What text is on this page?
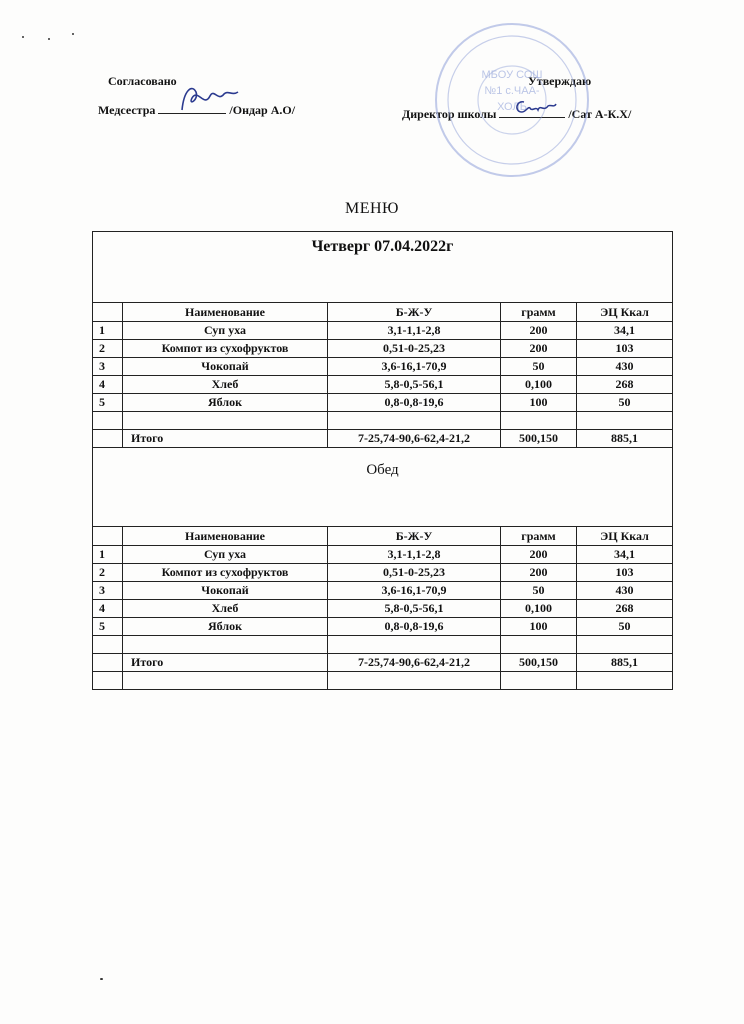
Согласовано
Медсестра	/Ондар А.О/
Утверждаю
Директор школы	/Сат А-К.Х/
МБОУ СОШ
№1 с.ЧАА-
ХОЛЬ
МЕНЮ
Четверг 07.04.2022г				
	Наименование	Б-Ж-У	грамм	ЭЦ Ккал
1	Суп уха	3,1-1,1-2,8	200	34,1
2	Компот из сухофруктов	0,51-0-25,23	200	103
3	Чокопай	3,6-16,1-70,9	50	430
4	Хлеб	5,8-0,5-56,1	0,100	268
5	Яблок	0,8-0,8-19,6	100	50

	Итого	7-25,74-90,6-62,4-21,2	500,150	885,1
Обед				
	Наименование	Б-Ж-У	грамм	ЭЦ Ккал
1	Суп уха	3,1-1,1-2,8	200	34,1
2	Компот из сухофруктов	0,51-0-25,23	200	103
3	Чокопай	3,6-16,1-70,9	50	430
4	Хлеб	5,8-0,5-56,1	0,100	268
5	Яблок	0,8-0,8-19,6	100	50

	Итого	7-25,74-90,6-62,4-21,2	500,150	885,1
